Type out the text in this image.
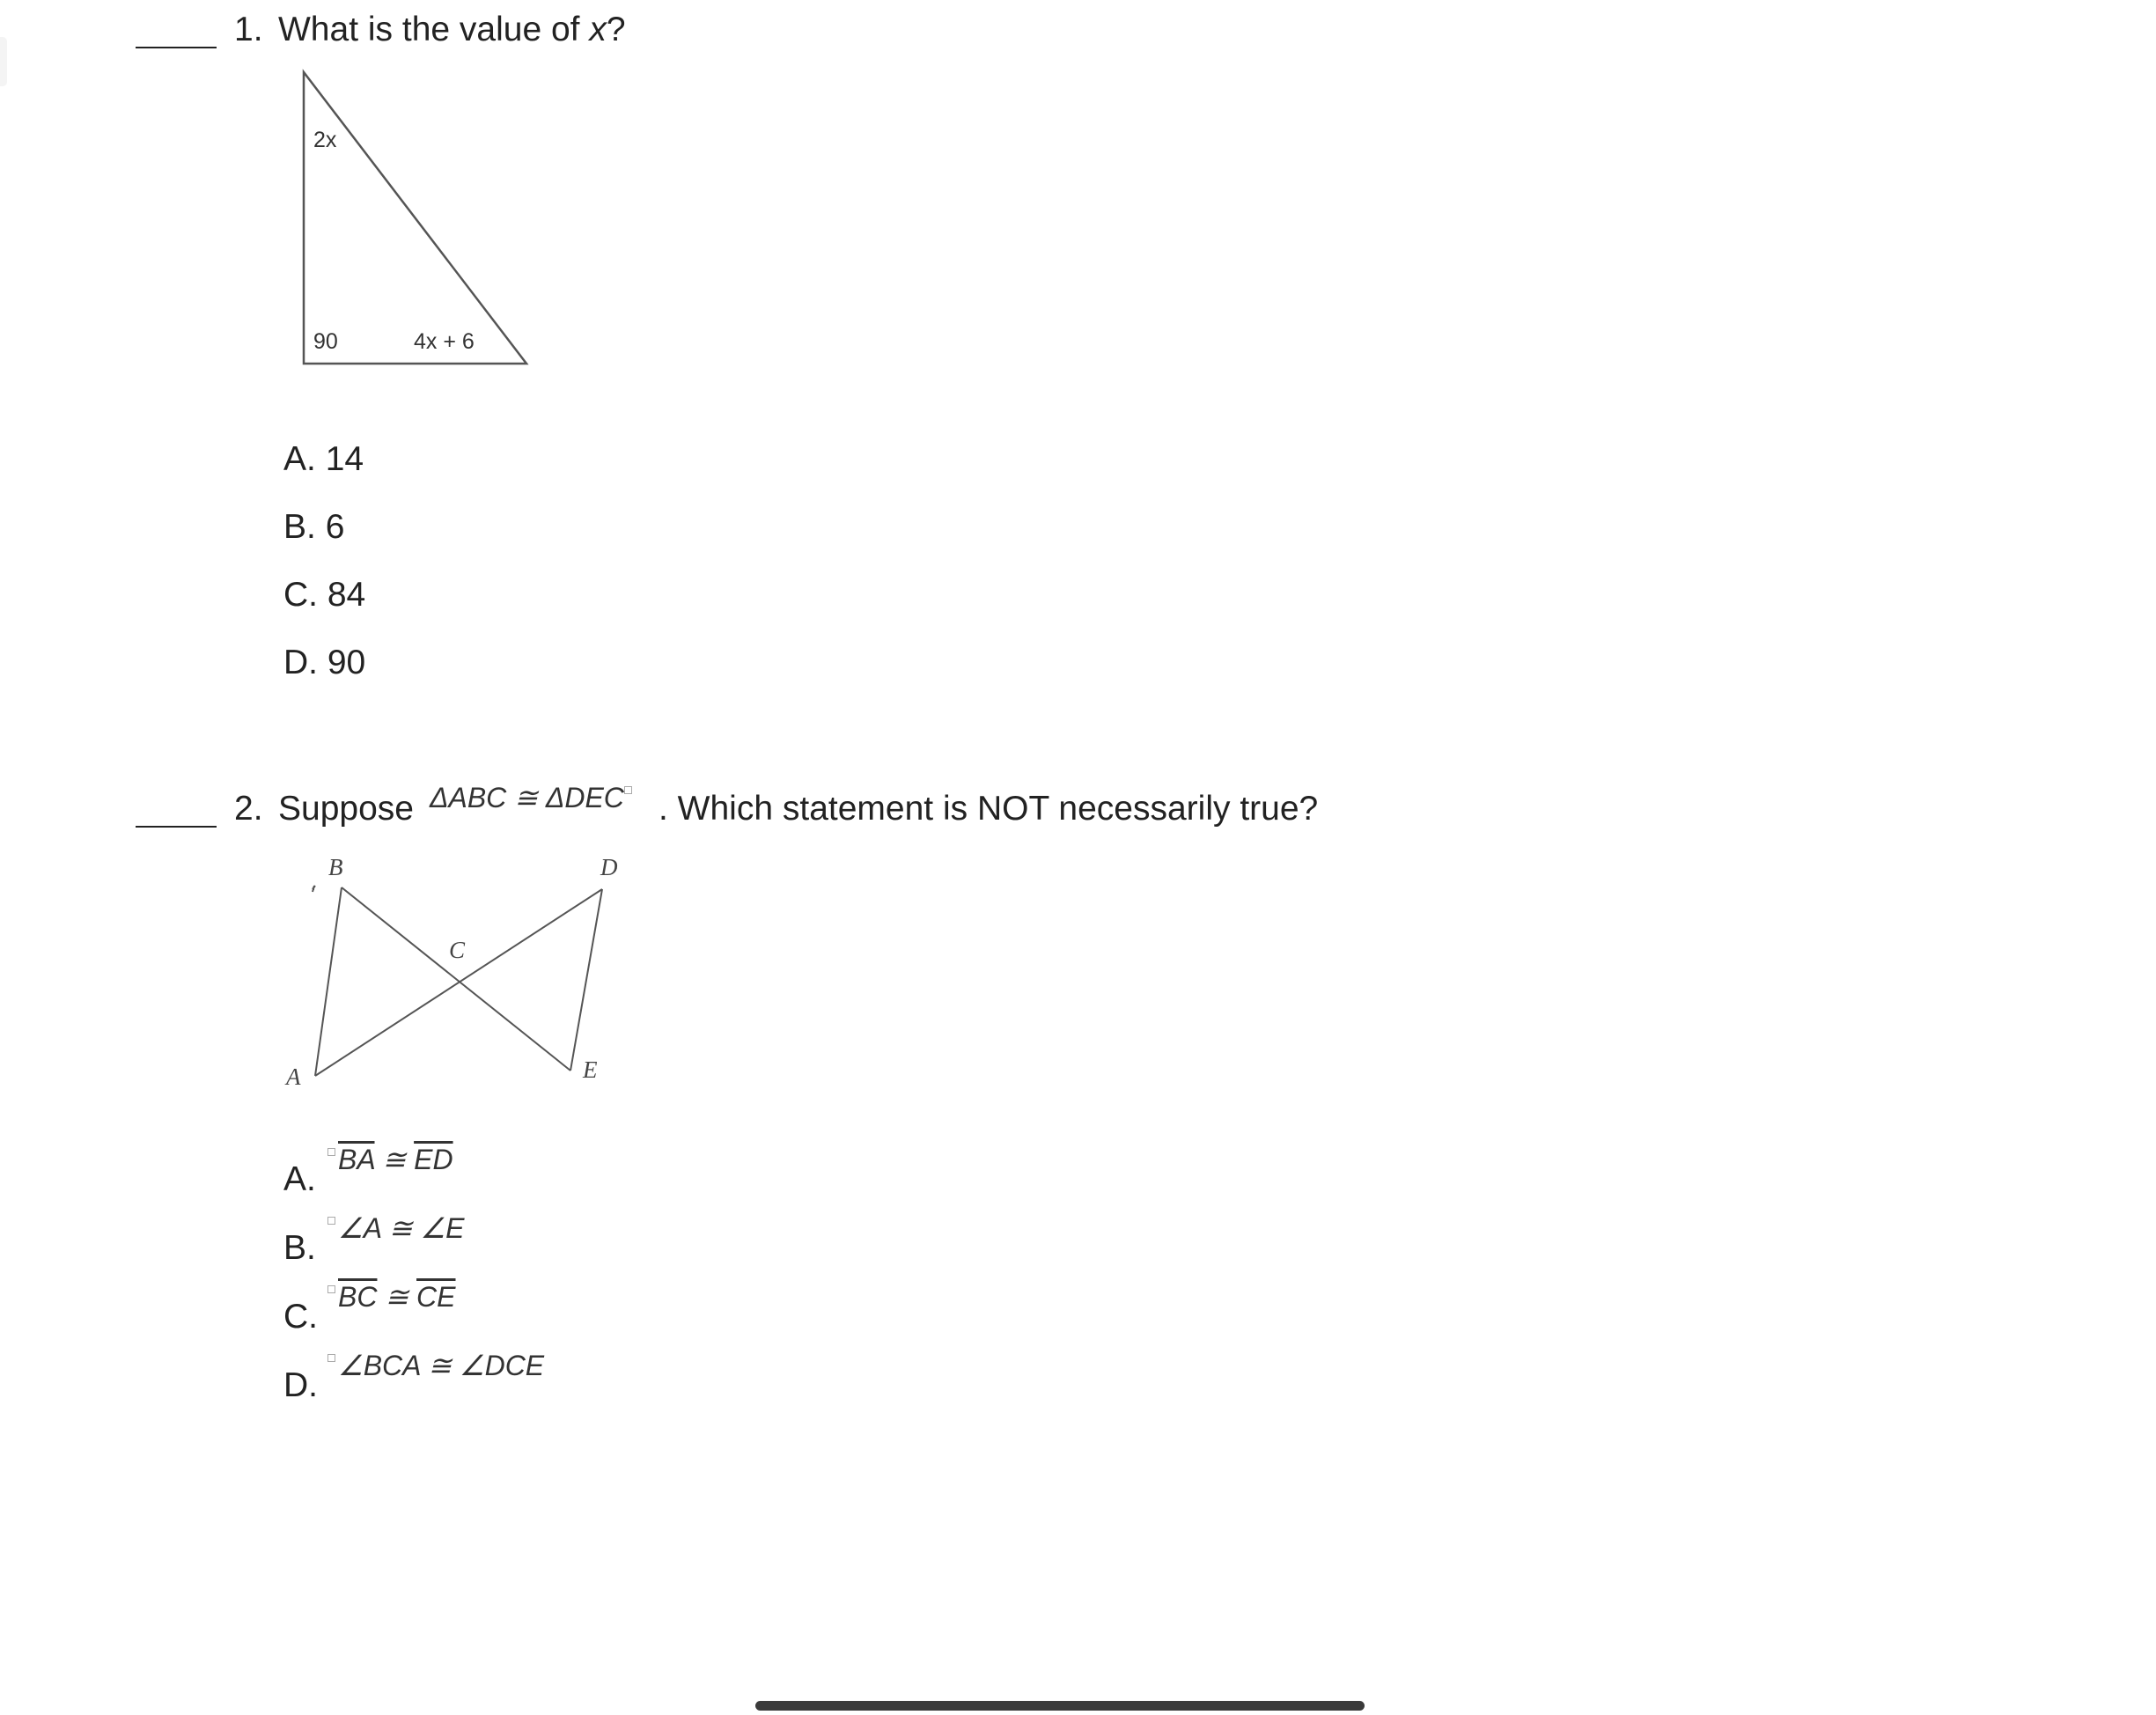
1. What is the value of x?
2x
90	4x + 6
A. 14
B. 6
C. 84
D. 90
2. Suppose ΔABC ≅ ΔDEC	. Which statement is NOT necessarily true?
B	D
C
A	E
A.
$\overline{BA}$ ≅ $\overline{ED}$
B.
∠A ≅ ∠E
C.
$\overline{BC}$ ≅ $\overline{CE}$
D.
∠BCA ≅ ∠DCE
